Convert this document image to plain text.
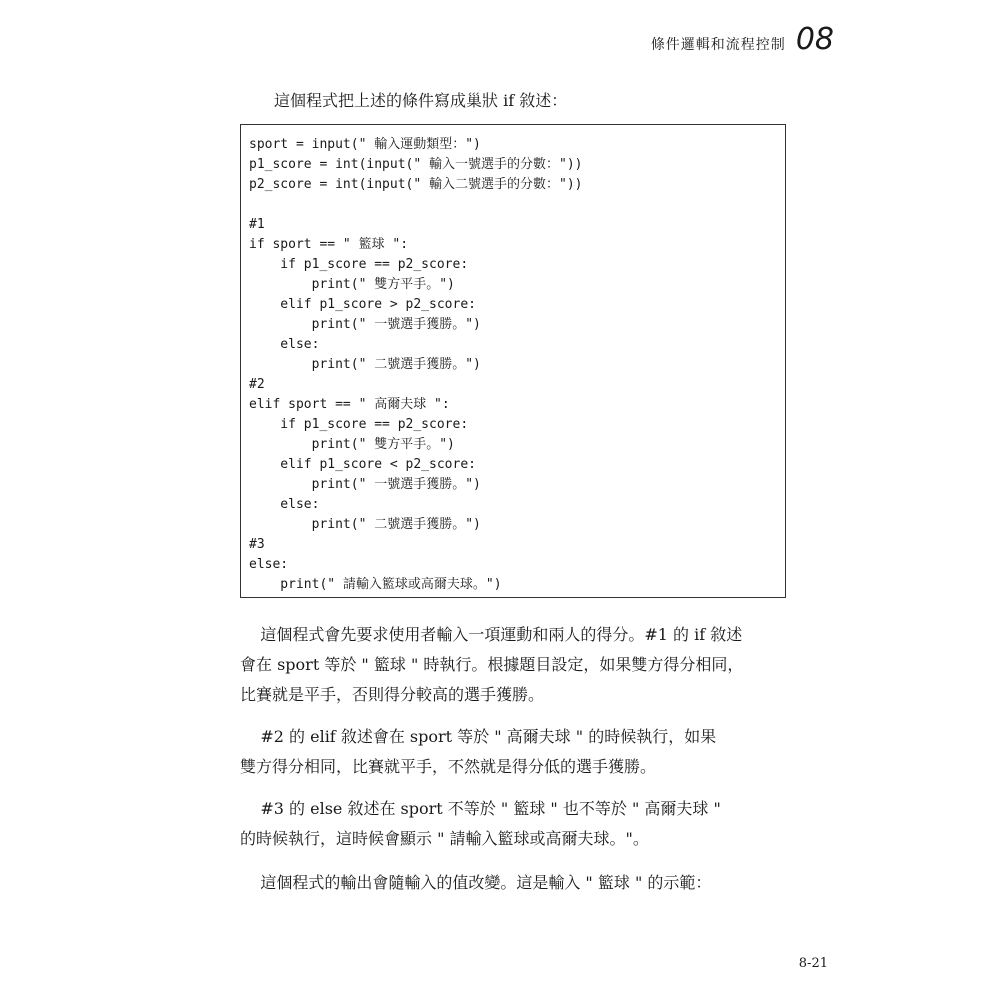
條件邏輯和流程控制 08
這個程式把上述的條件寫成巢狀 if 敘述：
sport = input(" 輸入運動類型：")
p1_score = int(input(" 輸入一號選手的分數："))
p2_score = int(input(" 輸入二號選手的分數："))
#1
if sport == " 籃球 ":
if p1_score == p2_score:
print(" 雙方平手。")
elif p1_score > p2_score:
print(" 一號選手獲勝。")
else:
print(" 二號選手獲勝。")
#2
elif sport == " 高爾夫球 ":
if p1_score == p2_score:
print(" 雙方平手。")
elif p1_score < p2_score:
print(" 一號選手獲勝。")
else:
print(" 二號選手獲勝。")
#3
else:
print(" 請輸入籃球或高爾夫球。")
這個程式會先要求使用者輸入一項運動和兩人的得分。#1 的 if 敘述
會在 sport 等於 " 籃球 " 時執行。根據題目設定，如果雙方得分相同，
比賽就是平手，否則得分較高的選手獲勝。
#2 的 elif 敘述會在 sport 等於 " 高爾夫球 " 的時候執行，如果
雙方得分相同，比賽就平手，不然就是得分低的選手獲勝。
#3 的 else 敘述在 sport 不等於 " 籃球 " 也不等於 " 高爾夫球 "
的時候執行，這時候會顯示 " 請輸入籃球或高爾夫球。"。
這個程式的輸出會隨輸入的值改變。這是輸入 " 籃球 " 的示範：
8-21
